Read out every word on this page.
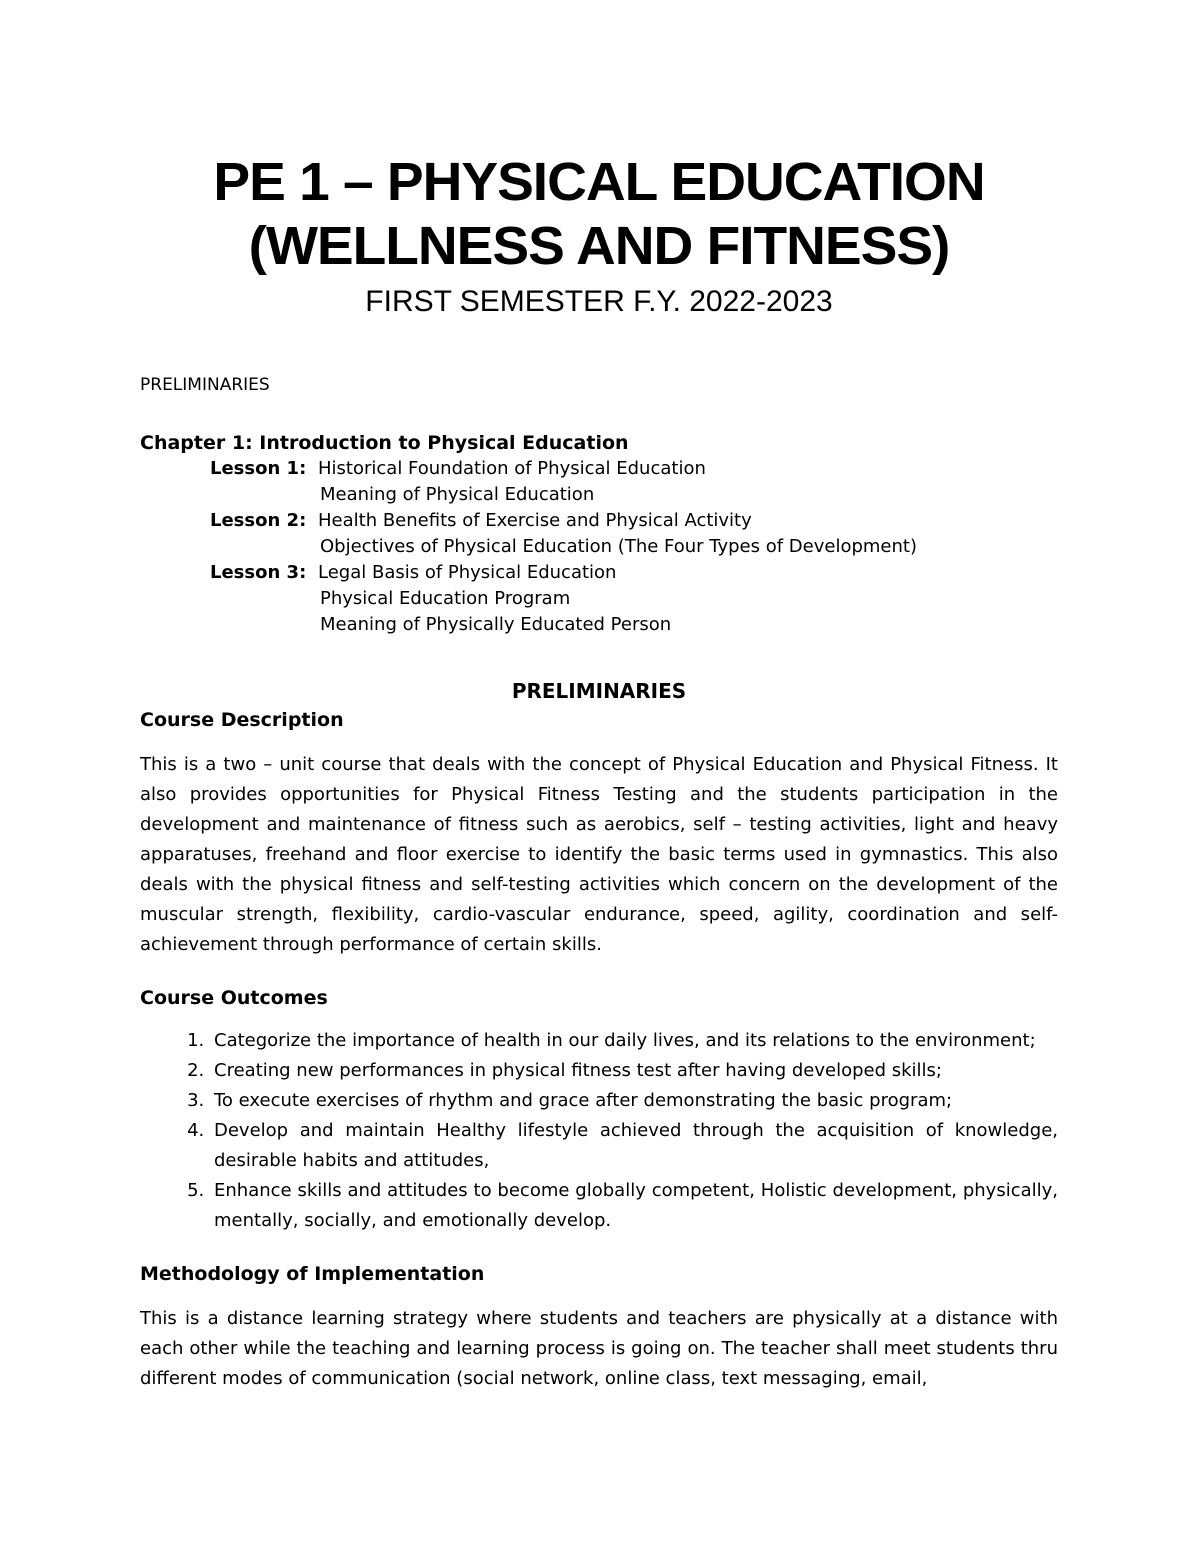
PE 1 – PHYSICAL EDUCATION
(WELLNESS AND FITNESS)
FIRST SEMESTER F.Y. 2022-2023
PRELIMINARIES
Chapter 1: Introduction to Physical Education
Lesson 1: Historical Foundation of Physical Education
Meaning of Physical Education
Lesson 2: Health Benefits of Exercise and Physical Activity
Objectives of Physical Education (The Four Types of Development)
Lesson 3: Legal Basis of Physical Education
Physical Education Program
Meaning of Physically Educated Person
PRELIMINARIES
Course Description
This is a two – unit course that deals with the concept of Physical Education and Physical Fitness. It also provides opportunities for Physical Fitness Testing and the students participation in the development and maintenance of fitness such as aerobics, self – testing activities, light and heavy apparatuses, freehand and floor exercise to identify the basic terms used in gymnastics. This also deals with the physical fitness and self-testing activities which concern on the development of the muscular strength, flexibility, cardio-vascular endurance, speed, agility, coordination and self-achievement through performance of certain skills.
Course Outcomes
1. Categorize the importance of health in our daily lives, and its relations to the environment;
2. Creating new performances in physical fitness test after having developed skills;
3. To execute exercises of rhythm and grace after demonstrating the basic program;
4. Develop and maintain Healthy lifestyle achieved through the acquisition of knowledge, desirable habits and attitudes,
5. Enhance skills and attitudes to become globally competent, Holistic development, physically, mentally, socially, and emotionally develop.
Methodology of Implementation
This is a distance learning strategy where students and teachers are physically at a distance with each other while the teaching and learning process is going on. The teacher shall meet students thru different modes of communication (social network, online class, text messaging, email,
